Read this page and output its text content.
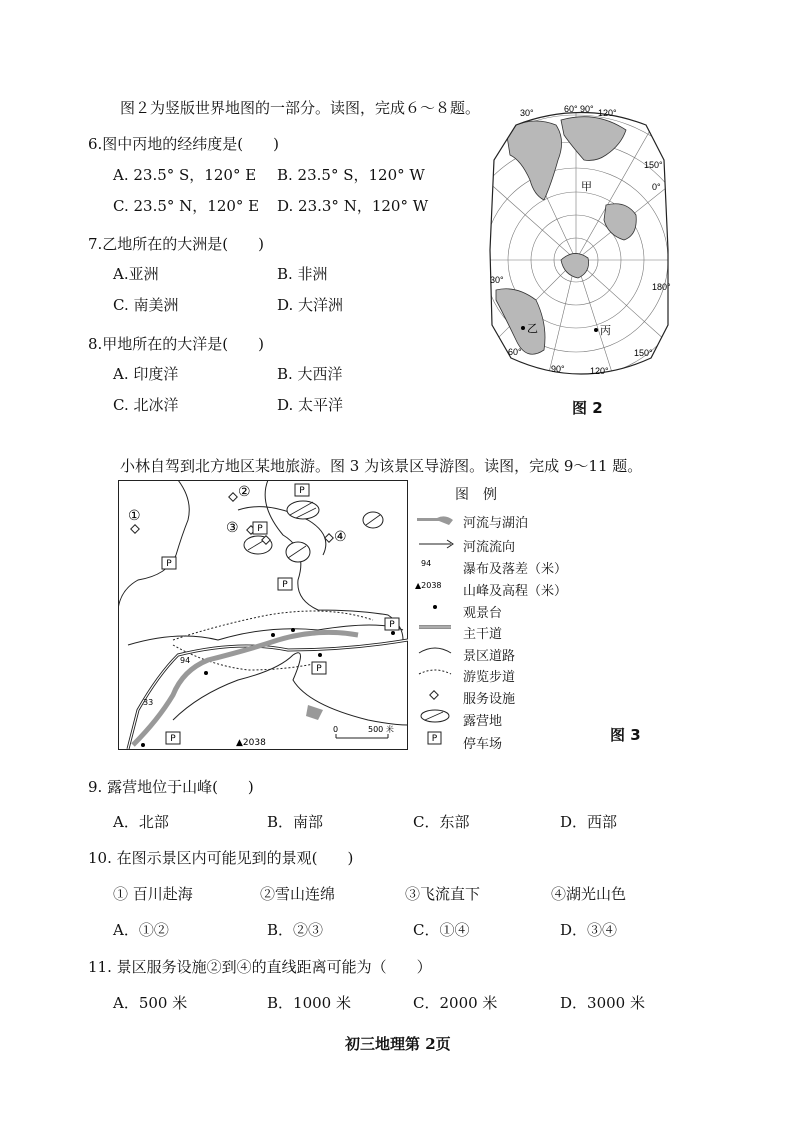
图２为竖版世界地图的一部分。读图，完成６～８题。
6.图中丙地的经纬度是(　　)
A. 23.5° S，120° E B. 23.5° S，120° W
C. 23.5° N，120° E D. 23.3° N，120° W
7.乙地所在的大洲是(　　)
A.亚洲	B. 非洲
C. 南美洲	D. 大洋洲
8.甲地所在的大洋是(　　)
A. 印度洋	B. 大西洋
C. 北冰洋	D. 太平洋
30°	60° 90° 120°
150°
0°
180°
30°
60°
90°	120°
150°
甲
乙	丙
图 2
小林自驾到北方地区某地旅游。图 3 为该景区导游图。读图，完成 9～11 题。
①
②
③
④
P
P
P
P
P
P
P
94
33
▲2038
0	500 米
图　例
94
▲2038
P
河流与湖泊
河流流向
瀑布及落差（米）
山峰及高程（米）
观景台
主干道
景区道路
游览步道
服务设施
露营地
停车场
图 3
9. 露营地位于山峰(　　)
A．北部	B．南部	C．东部	D．西部
10. 在图示景区内可能见到的景观(　　)
① 百川赴海	②雪山连绵	③飞流直下	④湖光山色
A．①②	B．②③	C．①④	D．③④
11. 景区服务设施②到④的直线距离可能为（　　）
A．500 米	B．1000 米	C．2000 米	D．3000 米
初三地理第 2页
